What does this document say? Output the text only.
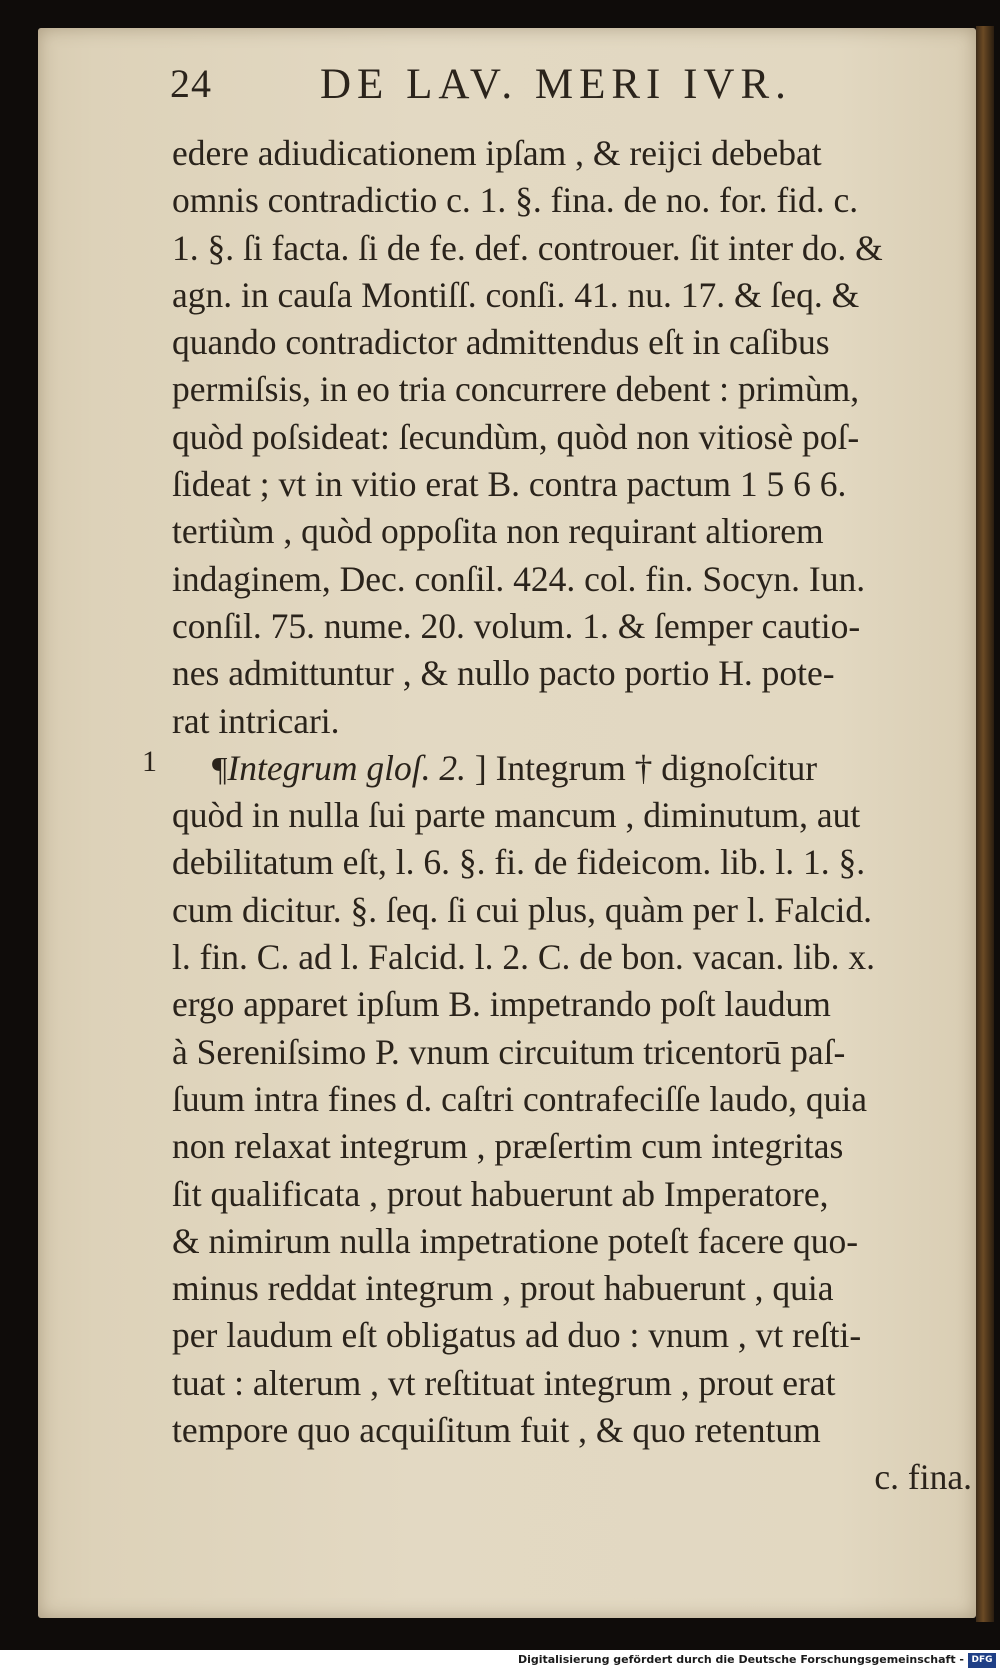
24	DE LAV. MERI IVR.
edere adiudicationem ipſam , & reijci debebat
omnis contradictio c. 1. §. fina. de no. for. fid. c.
1. §. ſi facta. ſi de fe. def. controuer. ſit inter do. &
agn. in cauſa Montiſſ. conſi. 41. nu. 17. & ſeq. &
quando contradictor admittendus eſt in caſibus
permiſsis, in eo tria concurrere debent : primùm,
quòd poſsideat: ſecundùm, quòd non vitiosè poſ-
ſideat ; vt in vitio erat B. contra pactum 1 5 6 6.
tertiùm , quòd oppoſita non requirant altiorem
indaginem, Dec. conſil. 424. col. fin. Socyn. Iun.
conſil. 75. nume. 20. volum. 1. & ſemper cautio-
nes admittuntur , & nullo pacto portio H. pote-
rat intricari.
¶Integrum gloſ. 2. ] Integrum † dignoſcitur
quòd in nulla ſui parte mancum , diminutum, aut
debilitatum eſt, l. 6. §. fi. de fideicom. lib. l. 1. §.
cum dicitur. §. ſeq. ſi cui plus, quàm per l. Falcid.
l. fin. C. ad l. Falcid. l. 2. C. de bon. vacan. lib. x.
ergo apparet ipſum B. impetrando poſt laudum
à Sereniſsimo P. vnum circuitum tricentorū paſ-
ſuum intra fines d. caſtri contrafeciſſe laudo, quia
non relaxat integrum , præſertim cum integritas
ſit qualificata , prout habuerunt ab Imperatore,
& nimirum nulla impetratione poteſt facere quo-
minus reddat integrum , prout habuerunt , quia
per laudum eſt obligatus ad duo : vnum , vt reſti-
tuat : alterum , vt reſtituat integrum , prout erat
tempore quo acquiſitum fuit , & quo retentum
c. fina.
1
Digitalisierung gefördert durch die Deutsche Forschungsgemeinschaft - DFG
